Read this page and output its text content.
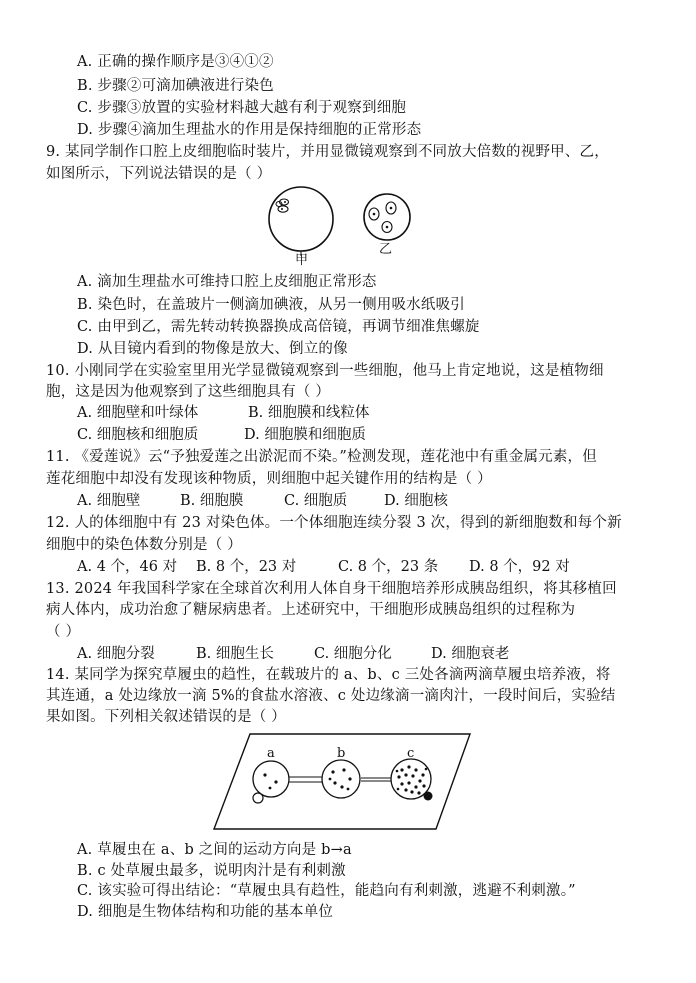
A. 正确的操作顺序是③④①②
B. 步骤②可滴加碘液进行染色
C. 步骤③放置的实验材料越大越有利于观察到细胞
D. 步骤④滴加生理盐水的作用是保持细胞的正常形态
9. 某同学制作口腔上皮细胞临时装片，并用显微镜观察到不同放大倍数的视野甲、乙，
如图所示，下列说法错误的是（ ）
甲
乙
A. 滴加生理盐水可维持口腔上皮细胞正常形态
B. 染色时，在盖玻片一侧滴加碘液，从另一侧用吸水纸吸引
C. 由甲到乙，需先转动转换器换成高倍镜，再调节细准焦螺旋
D. 从目镜内看到的物像是放大、倒立的像
10. 小刚同学在实验室里用光学显微镜观察到一些细胞，他马上肯定地说，这是植物细
胞，这是因为他观察到了这些细胞具有（ ）
A. 细胞壁和叶绿体	B. 细胞膜和线粒体
C. 细胞核和细胞质	D. 细胞膜和细胞质
11. 《爱莲说》云“予独爱莲之出淤泥而不染。”检测发现，莲花池中有重金属元素，但
莲花细胞中却没有发现该种物质，则细胞中起关键作用的结构是（ ）
A. 细胞壁	B. 细胞膜	C. 细胞质	D. 细胞核
12. 人的体细胞中有 23 对染色体。一个体细胞连续分裂 3 次，得到的新细胞数和每个新
细胞中的染色体数分别是（ ）
A. 4 个，46 对 B. 8 个，23 对	C. 8 个，23 条 D. 8 个，92 对
13. 2024 年我国科学家在全球首次利用人体自身干细胞培养形成胰岛组织，将其移植回
病人体内，成功治愈了糖尿病患者。上述研究中，干细胞形成胰岛组织的过程称为
（ ）
A. 细胞分裂	B. 细胞生长	C. 细胞分化	D. 细胞衰老
14. 某同学为探究草履虫的趋性，在载玻片的 a、b、c 三处各滴两滴草履虫培养液，将
其连通，a 处边缘放一滴 5%的食盐水溶液、c 处边缘滴一滴肉汁，一段时间后，实验结
果如图。下列相关叙述错误的是（ ）
a	b	c
A. 草履虫在 a、b 之间的运动方向是 b→a
B. c 处草履虫最多，说明肉汁是有利刺激
C. 该实验可得出结论：“草履虫具有趋性，能趋向有利刺激，逃避不利刺激。”
D. 细胞是生物体结构和功能的基本单位
